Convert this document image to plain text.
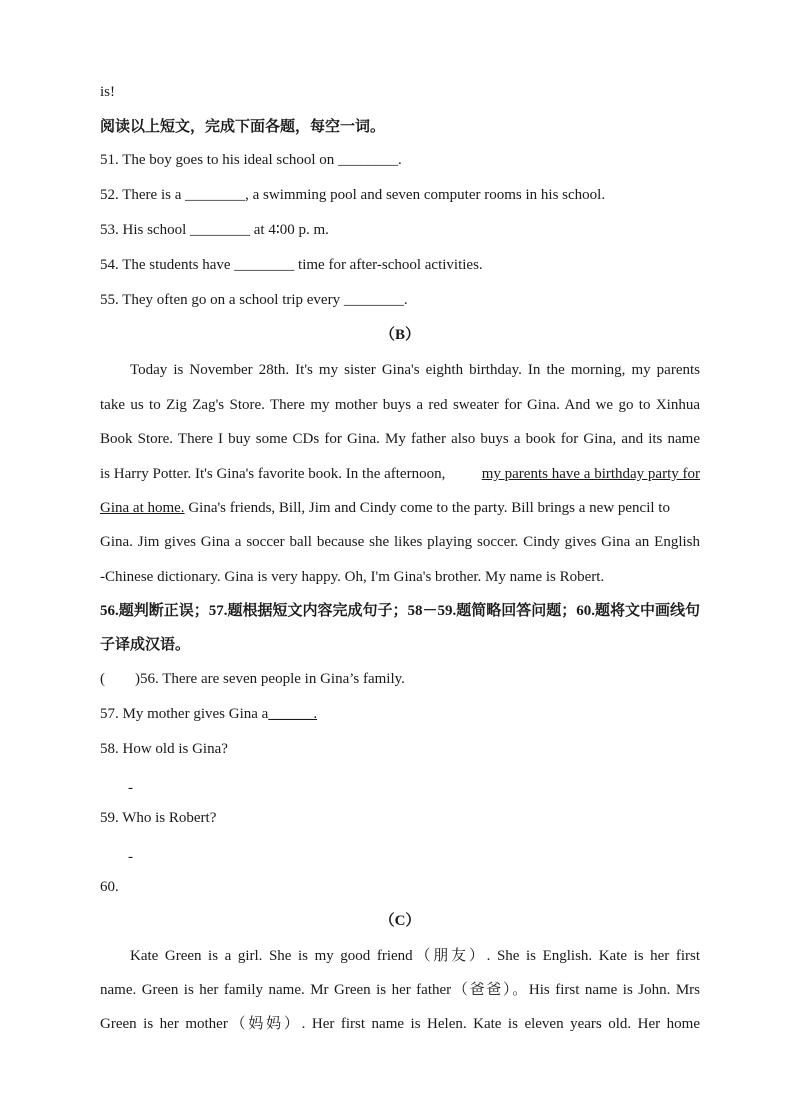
is!
阅读以上短文，完成下面各题，每空一词。
51. The boy goes to his ideal school on ________.
52. There is a ________, a swimming pool and seven computer rooms in his school.
53. His school ________ at 4∶00 p. m.
54. The students have ________ time for after-school activities.
55. They often go on a school trip every ________.
（B）
Today is November 28th. It's my sister Gina's eighth birthday. In the morning, my parents
take us to Zig Zag's Store. There my mother buys a red sweater for Gina. And we go to Xinhua
Book Store. There I buy some CDs for Gina. My father also buys a book for Gina, and its name
is Harry Potter. It's Gina's favorite book. In the afternoon, my parents have a birthday party for
Gina at home. Gina's friends, Bill, Jim and Cindy come to the party. Bill brings a new pencil to
Gina. Jim gives Gina a soccer ball because she likes playing soccer. Cindy gives Gina an English
-Chinese dictionary. Gina is very happy. Oh, I'm Gina's brother. My name is Robert.
56.题判断正误；57.题根据短文内容完成句子；58－59.题简略回答问题；60.题将文中画线句
子译成汉语。
(        )56. There are seven people in Gina’s family.
57. My mother gives Gina a______.
58. How old is Gina?
-
59. Who is Robert?
-
60.
（C）
Kate Green is a girl. She is my good friend（朋友）. She is English. Kate is her first
name. Green is her family name. Mr Green is her father（爸爸）。His first name is John. Mrs
Green is her mother（妈妈）. Her first name is Helen. Kate is eleven years old. Her home
